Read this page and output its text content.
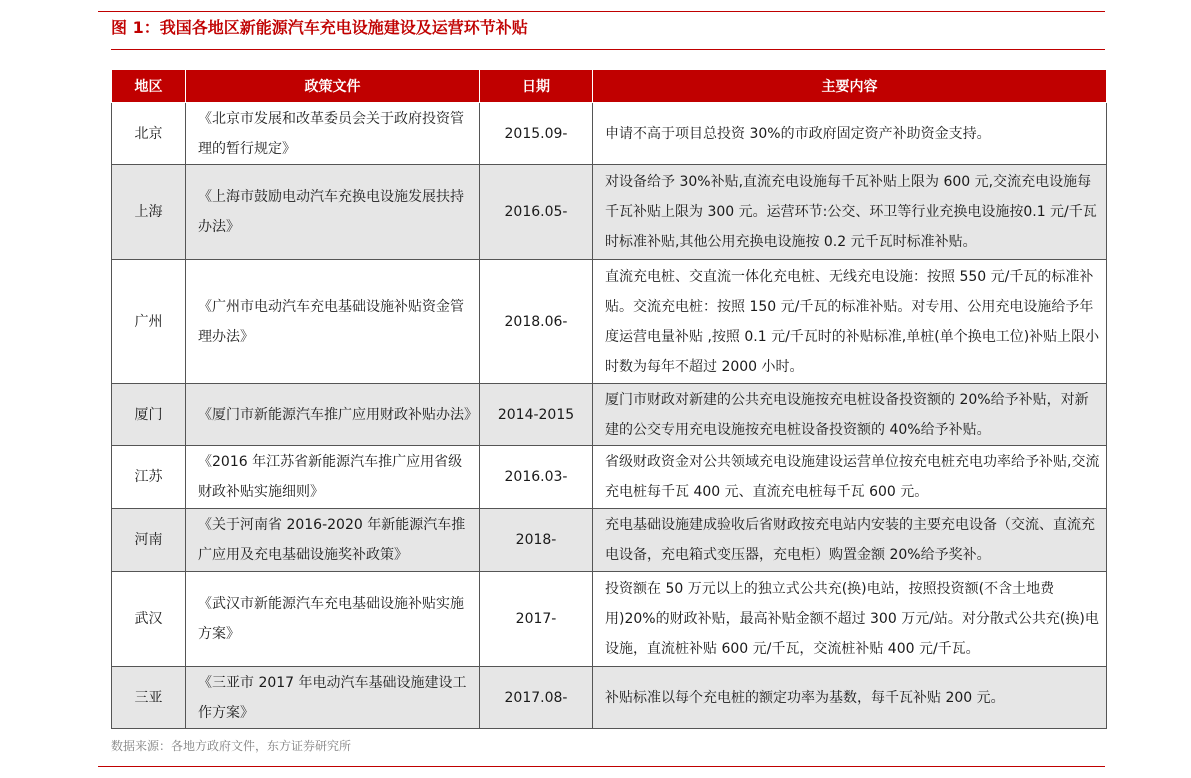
图 1：我国各地区新能源汽车充电设施建设及运营环节补贴
地区	政策文件	日期	主要内容
北京	《北京市发展和改革委员会关于政府投资管理的暂行规定》	2015.09-	申请不高于项目总投资 30%的市政府固定资产补助资金支持。
上海	《上海市鼓励电动汽车充换电设施发展扶持办法》	2016.05-	对设备给予 30%补贴,直流充电设施每千瓦补贴上限为 600 元,交流充电设施每千瓦补贴上限为 300 元。运营环节:公交、环卫等行业充换电设施按0.1 元/千瓦时标准补贴,其他公用充换电设施按 0.2 元千瓦时标准补贴。
广州	《广州市电动汽车充电基础设施补贴资金管理办法》	2018.06-	直流充电桩、交直流一体化充电桩、无线充电设施：按照 550 元/千瓦的标准补贴。交流充电桩：按照 150 元/千瓦的标准补贴。对专用、公用充电设施给予年度运营电量补贴 ,按照 0.1 元/千瓦时的补贴标准,单桩(单个换电工位)补贴上限小时数为每年不超过 2000 小时。
厦门	《厦门市新能源汽车推广应用财政补贴办法》	2014-2015	厦门市财政对新建的公共充电设施按充电桩设备投资额的 20%给予补贴，对新建的公交专用充电设施按充电桩设备投资额的 40%给予补贴。
江苏	《2016 年江苏省新能源汽车推广应用省级财政补贴实施细则》	2016.03-	省级财政资金对公共领域充电设施建设运营单位按充电桩充电功率给予补贴,交流充电桩每千瓦 400 元、直流充电桩每千瓦 600 元。
河南	《关于河南省 2016-2020 年新能源汽车推广应用及充电基础设施奖补政策》	2018-	充电基础设施建成验收后省财政按充电站内安装的主要充电设备（交流、直流充电设备，充电箱式变压器，充电柜）购置金额 20%给予奖补。
武汉	《武汉市新能源汽车充电基础设施补贴实施方案》	2017-	投资额在 50 万元以上的独立式公共充(换)电站，按照投资额(不含土地费用)20%的财政补贴，最高补贴金额不超过 300 万元/站。对分散式公共充(换)电设施，直流桩补贴 600 元/千瓦，交流桩补贴 400 元/千瓦。
三亚	《三亚市 2017 年电动汽车基础设施建设工作方案》	2017.08-	补贴标准以每个充电桩的额定功率为基数，每千瓦补贴 200 元。
数据来源：各地方政府文件，东方证券研究所
